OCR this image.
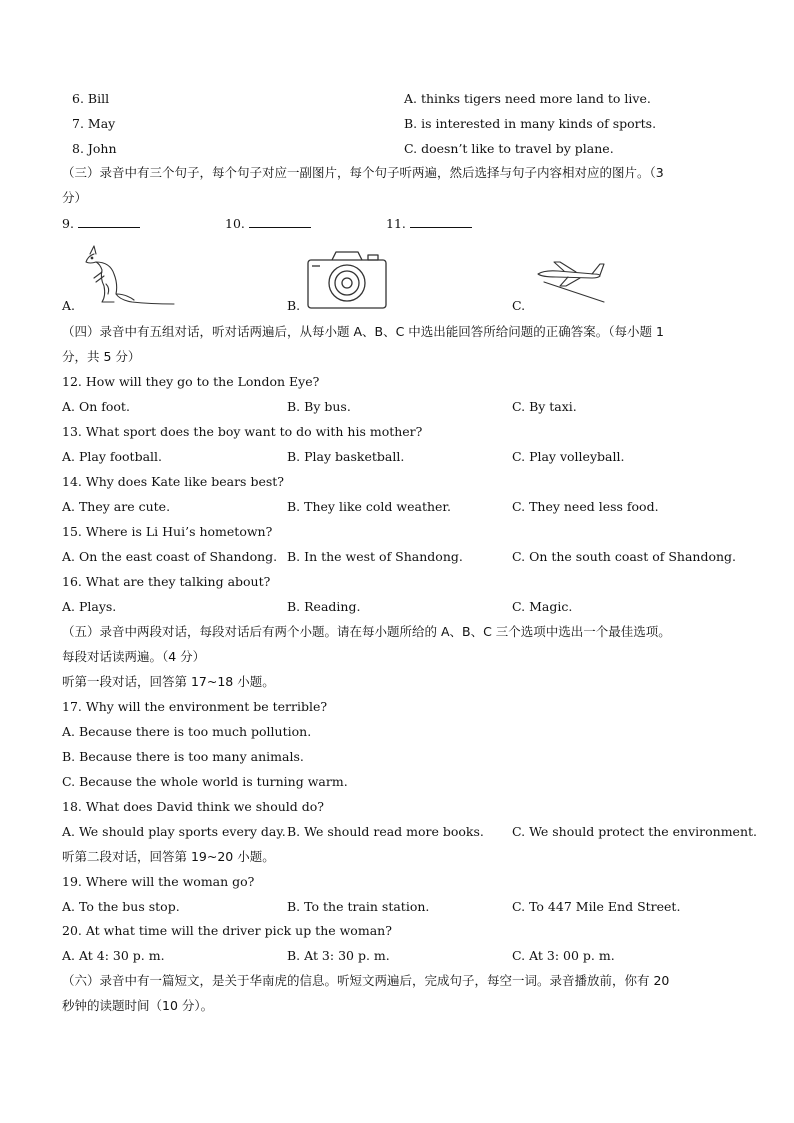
6. Bill	A. thinks tigers need more land to live.
7. May	B. is interested in many kinds of sports.
8. John	C. doesn’t like to travel by plane.
（三）录音中有三个句子，每个句子对应一副图片，每个句子听两遍，然后选择与句子内容相对应的图片。（3
分）
9.	10.	11.
A.	B.	C.
（四）录音中有五组对话，听对话两遍后，从每小题 A、B、C 中选出能回答所给问题的正确答案。（每小题 1
分，共 5 分）
12. How will they go to the London Eye?
A. On foot.	B. By bus.	C. By taxi.
13. What sport does the boy want to do with his mother?
A. Play football.	B. Play basketball.	C. Play volleyball.
14. Why does Kate like bears best?
A. They are cute.	B. They like cold weather.	C. They need less food.
15. Where is Li Hui’s hometown?
A. On the east coast of Shandong. B. In the west of Shandong.	C. On the south coast of Shandong.
16. What are they talking about?
A. Plays.	B. Reading.	C. Magic.
（五）录音中两段对话，每段对话后有两个小题。请在每小题所给的 A、B、C 三个选项中选出一个最佳选项。
每段对话读两遍。（4 分）
听第一段对话，回答第 17~18 小题。
17. Why will the environment be terrible?
A. Because there is too much pollution.
B. Because there is too many animals.
C. Because the whole world is turning warm.
18. What does David think we should do?
A. We should play sports every day. B. We should read more books. C. We should protect the environment.
听第二段对话，回答第 19~20 小题。
19. Where will the woman go?
A. To the bus stop.	B. To the train station.	C. To 447 Mile End Street.
20. At what time will the driver pick up the woman?
A. At 4: 30 p. m.	B. At 3: 30 p. m.	C. At 3: 00 p. m.
（六）录音中有一篇短文，是关于华南虎的信息。听短文两遍后，完成句子，每空一词。录音播放前，你有 20
秒钟的读题时间（10 分）。
